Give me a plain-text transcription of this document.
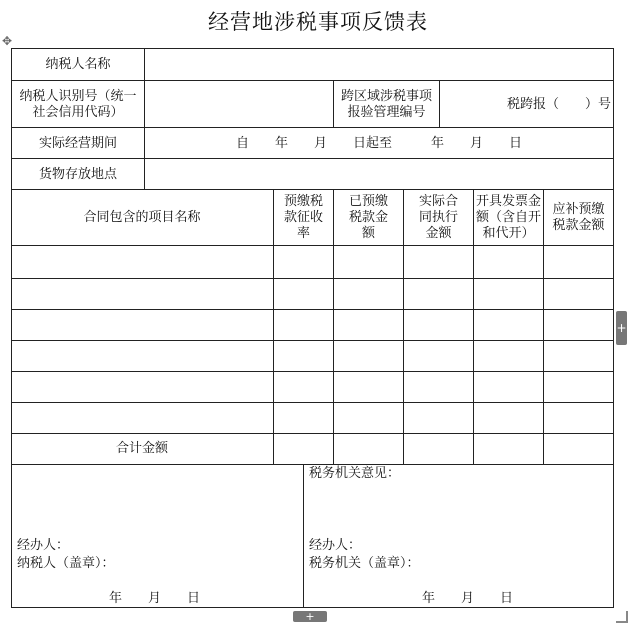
经营地涉税事项反馈表
✥
纳税人名称
纳税人识别号（统一社会信用代码）
跨区域涉税事项报验管理编号
税跨报（　　）号
实际经营期间	自　　年　　月　　日起至　　　年　　月　　日
货物存放地点
合同包含的项目名称
预缴税款征收率
已预缴税款金额
实际合同执行金额
开具发票金额（含自开和代开）
应补预缴税款金额
合计金额
经办人：
纳税人（盖章）：
年　　月　　日
税务机关意见：
经办人：
税务机关（盖章）：
年　　月　　日
+
+
